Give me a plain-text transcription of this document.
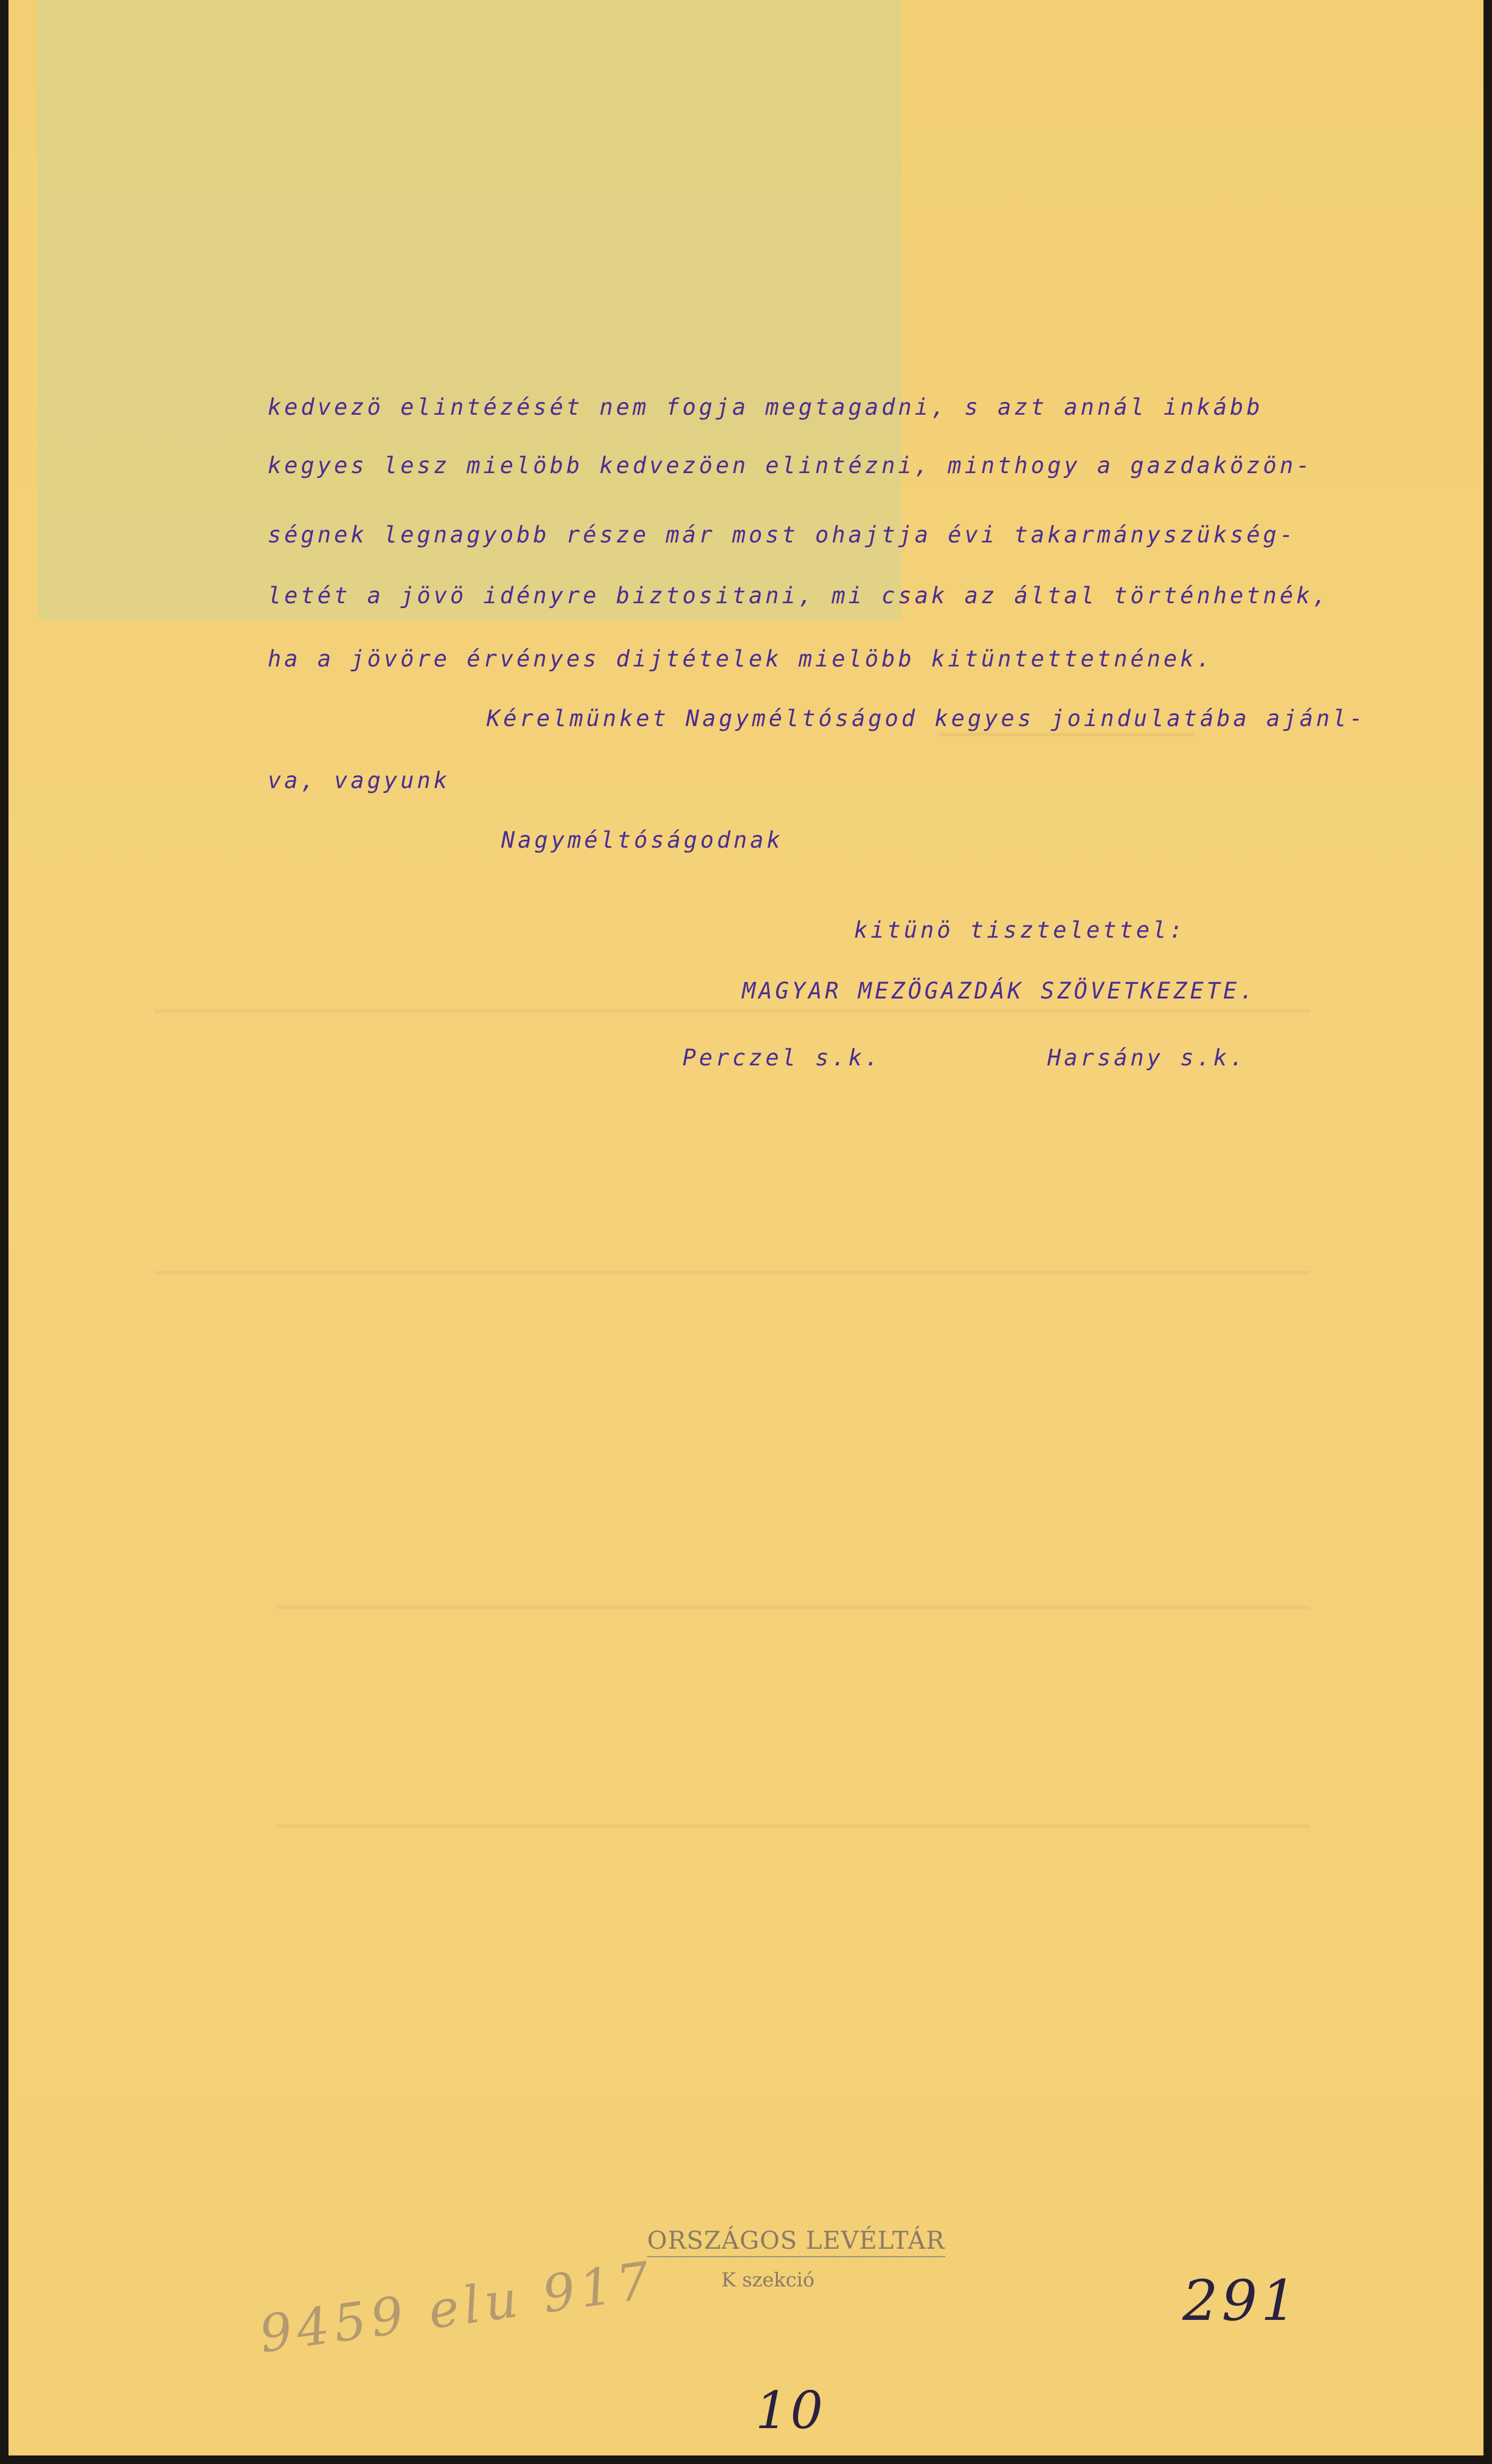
kedvezö elintézését nem fogja megtagadni, s azt annál inkább
kegyes lesz mielöbb kedvezöen elintézni, minthogy a gazdaközön-
ségnek legnagyobb része már most ohajtja évi takarmányszükség-
letét a jövö idényre biztositani, mi csak az által történhetnék,
ha a jövöre érvényes dijtételek mielöbb kitüntettetnének.
Kérelmünket Nagyméltóságod kegyes joindulatába ajánl-
va, vagyunk
Nagyméltóságodnak
kitünö tisztelettel:
MAGYAR MEZÖGAZDÁK SZÖVETKEZETE.
Perczel s.k.	Harsány s.k.
ORSZÁGOS LEVÉLTÁR
K szekció
9459 elu 917	291
10
